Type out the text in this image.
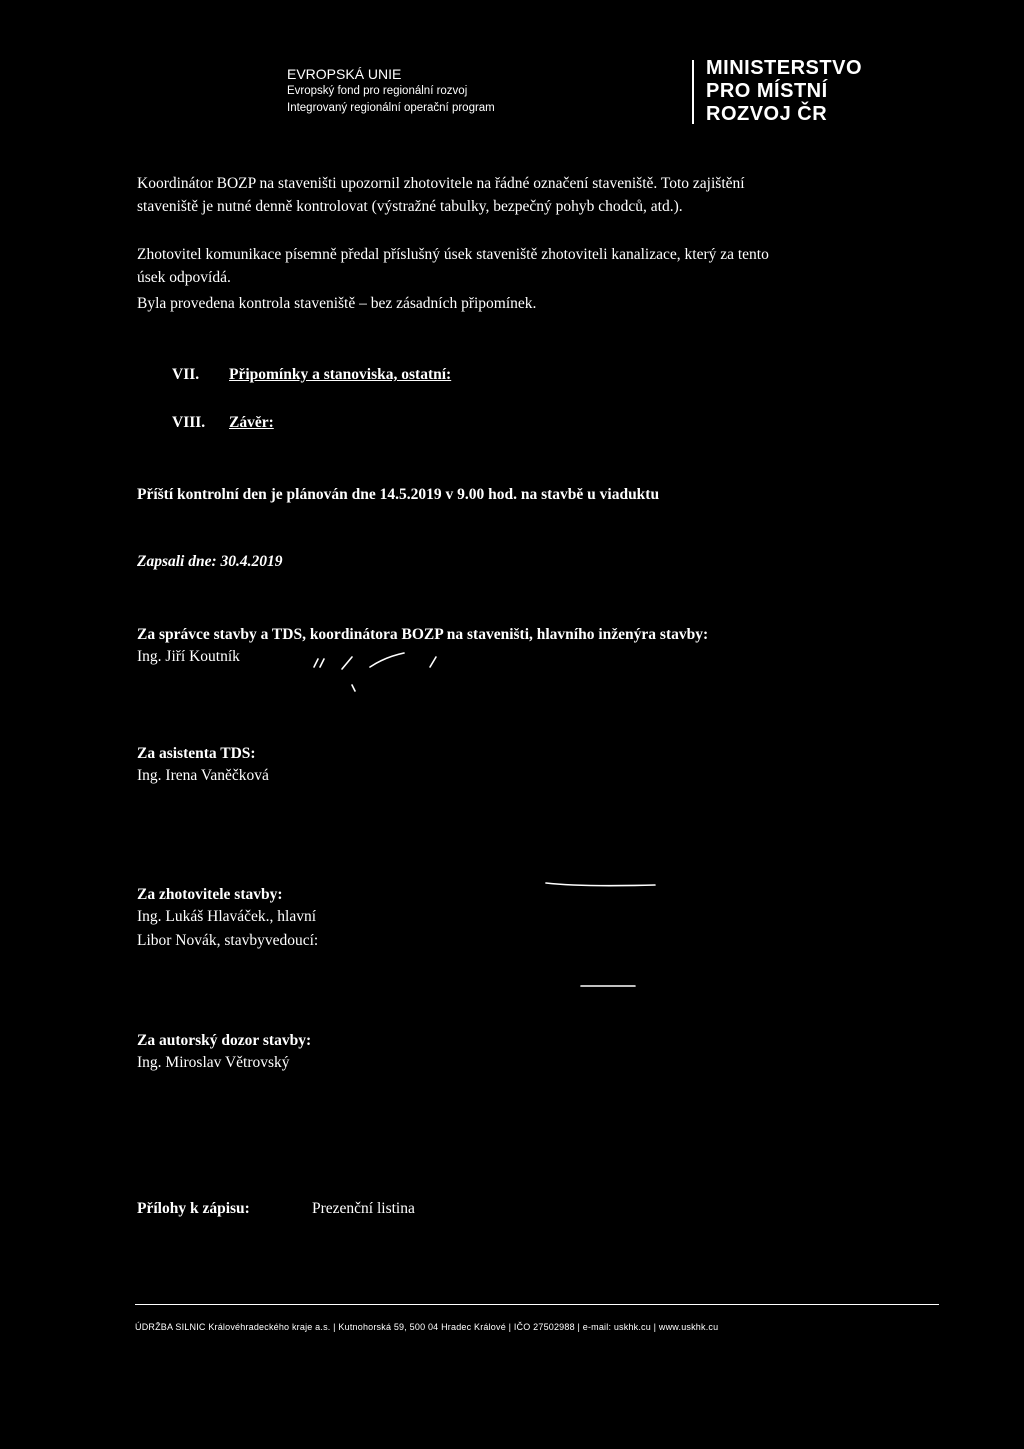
EVROPSKÁ UNIE
Evropský fond pro regionální rozvoj
Integrovaný regionální operační program
MINISTERSTVO
PRO MÍSTNÍ
ROZVOJ ČR
Koordinátor BOZP na staveništi upozornil zhotovitele na řádné označení staveniště. Toto zajištění
staveniště je nutné denně kontrolovat (výstražné tabulky, bezpečný pohyb chodců, atd.).
Zhotovitel komunikace písemně předal příslušný úsek staveniště zhotoviteli kanalizace, který za tento
úsek odpovídá.
Byla provedena kontrola staveniště – bez zásadních připomínek.
VII. Připomínky a stanoviska, ostatní:
VIII. Závěr:
Příští kontrolní den je plánován dne 14.5.2019 v 9.00 hod. na stavbě u viaduktu
Zapsali dne: 30.4.2019
Za správce stavby a TDS, koordinátora BOZP na staveništi, hlavního inženýra stavby:
Ing. Jiří Koutník
Za asistenta TDS:
Ing. Irena Vaněčková
Za zhotovitele stavby:
Ing. Lukáš Hlaváček., hlavní
Libor Novák, stavbyvedoucí:
Za autorský dozor stavby:
Ing. Miroslav Větrovský
Přílohy k zápisu:	Prezenční listina
ÚDRŽBA SILNIC Královéhradeckého kraje a.s. | Kutnohorská 59, 500 04 Hradec Králové | IČO 27502988 | e-mail: uskhk.cu | www.uskhk.cu
